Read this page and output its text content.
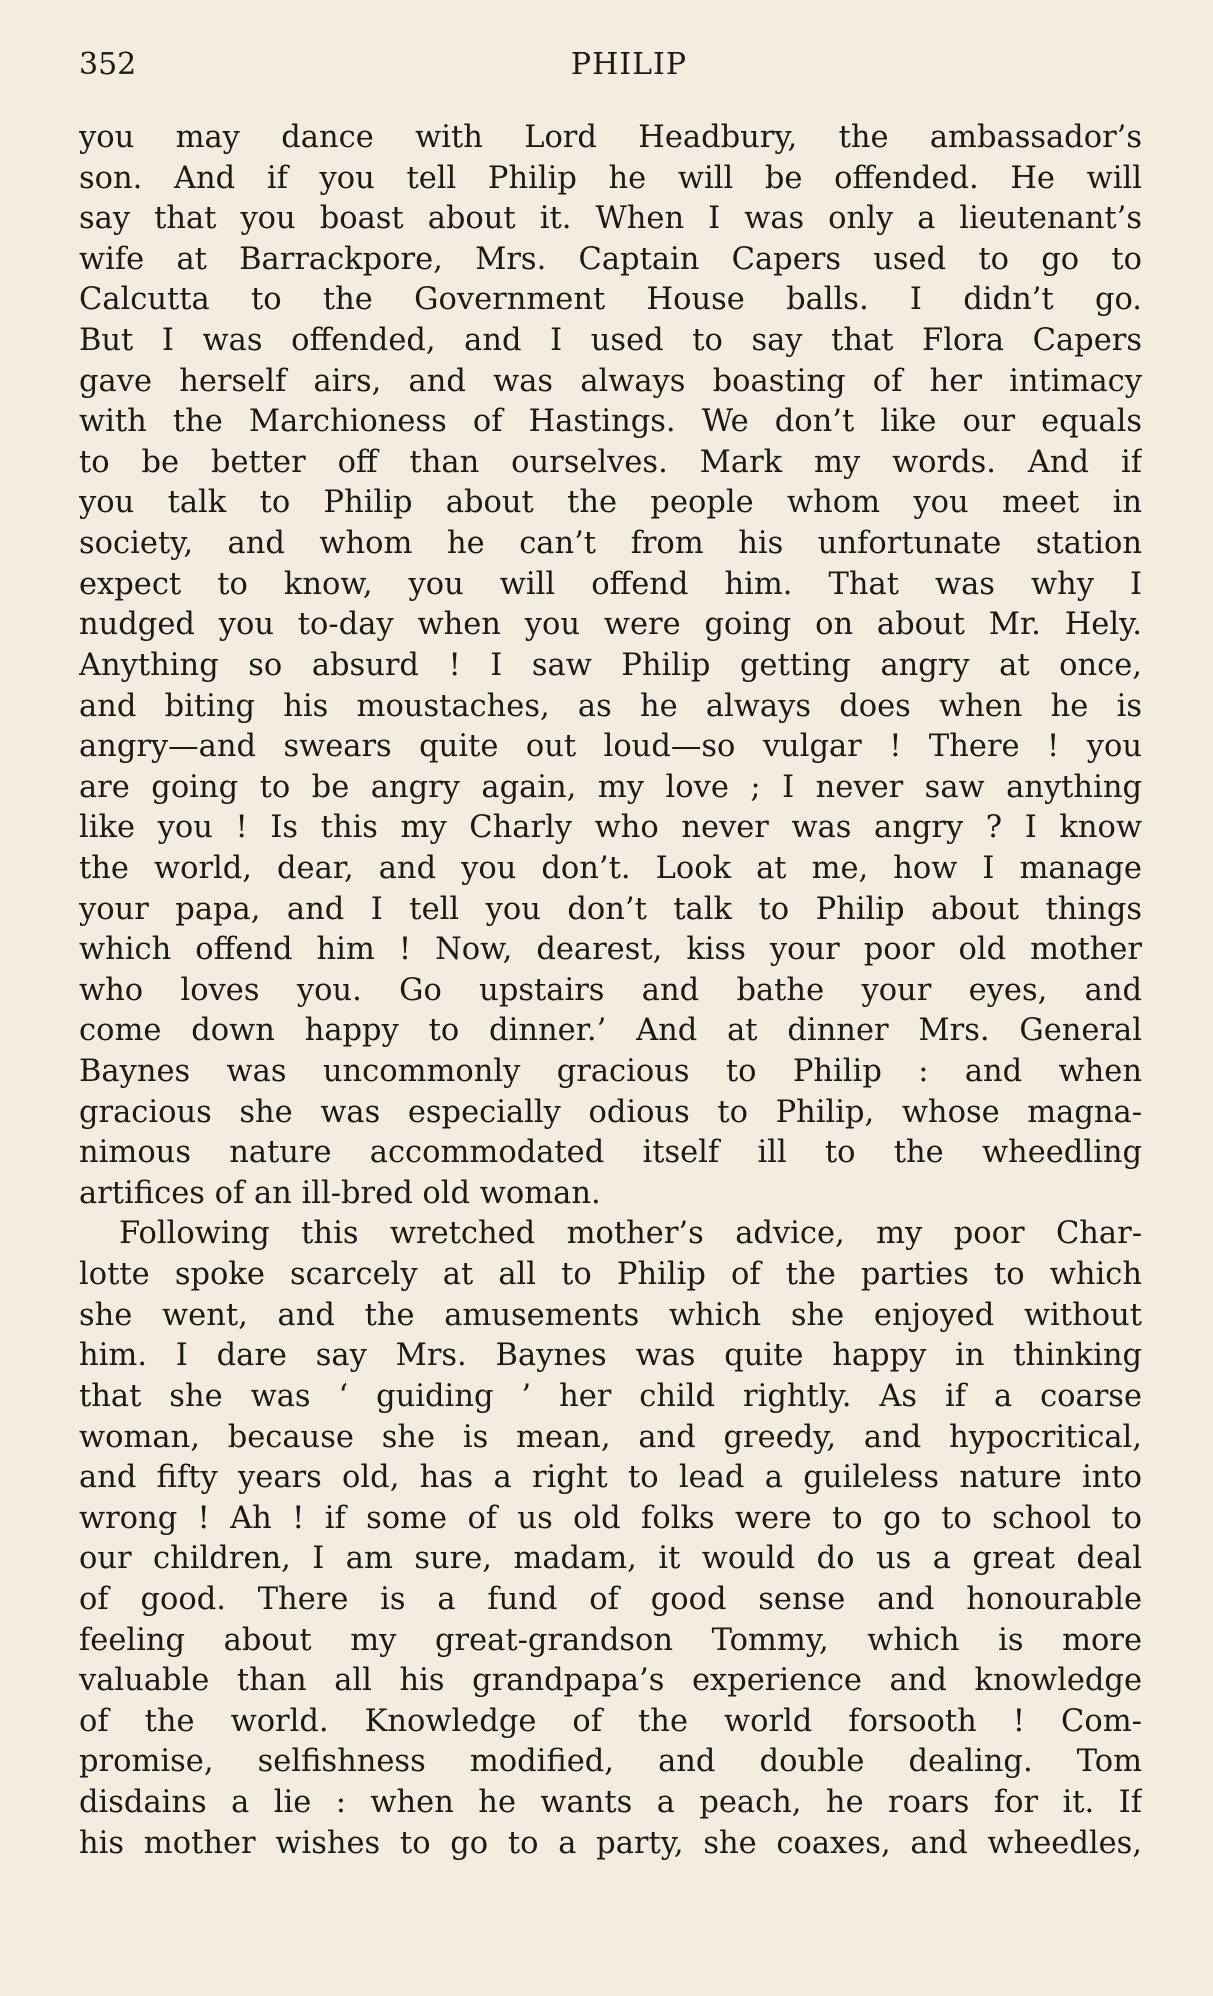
352	PHILIP
you may dance with Lord Headbury, the ambassador’s
son. And if you tell Philip he will be offended. He will
say that you boast about it. When I was only a lieutenant’s
wife at Barrackpore, Mrs. Captain Capers used to go to
Calcutta to the Government House balls. I didn’t go.
But I was offended, and I used to say that Flora Capers
gave herself airs, and was always boasting of her intimacy
with the Marchioness of Hastings. We don’t like our equals
to be better off than ourselves. Mark my words. And if
you talk to Philip about the people whom you meet in
society, and whom he can’t from his unfortunate station
expect to know, you will offend him. That was why I
nudged you to-day when you were going on about Mr. Hely.
Anything so absurd ! I saw Philip getting angry at once,
and biting his moustaches, as he always does when he is
angry—and swears quite out loud—so vulgar ! There ! you
are going to be angry again, my love ; I never saw anything
like you ! Is this my Charly who never was angry ? I know
the world, dear, and you don’t. Look at me, how I manage
your papa, and I tell you don’t talk to Philip about things
which offend him ! Now, dearest, kiss your poor old mother
who loves you. Go upstairs and bathe your eyes, and
come down happy to dinner.’ And at dinner Mrs. General
Baynes was uncommonly gracious to Philip : and when
gracious she was especially odious to Philip, whose magna-
nimous nature accommodated itself ill to the wheedling
artifices of an ill-bred old woman.
Following this wretched mother’s advice, my poor Char-
lotte spoke scarcely at all to Philip of the parties to which
she went, and the amusements which she enjoyed without
him. I dare say Mrs. Baynes was quite happy in thinking
that she was ‘ guiding ’ her child rightly. As if a coarse
woman, because she is mean, and greedy, and hypocritical,
and fifty years old, has a right to lead a guileless nature into
wrong ! Ah ! if some of us old folks were to go to school to
our children, I am sure, madam, it would do us a great deal
of good. There is a fund of good sense and honourable
feeling about my great-grandson Tommy, which is more
valuable than all his grandpapa’s experience and knowledge
of the world. Knowledge of the world forsooth ! Com-
promise, selfishness modified, and double dealing. Tom
disdains a lie : when he wants a peach, he roars for it. If
his mother wishes to go to a party, she coaxes, and wheedles,
